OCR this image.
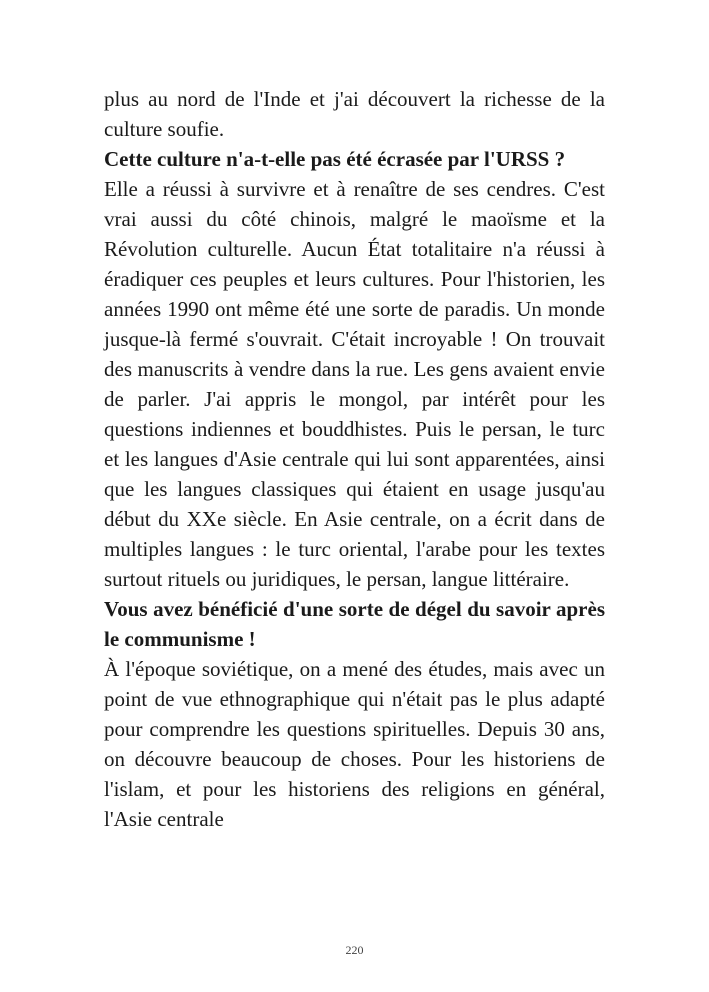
plus au nord de l'Inde et j'ai découvert la richesse de la culture soufie.

Cette culture n'a-t-elle pas été écrasée par l'URSS ?

Elle a réussi à survivre et à renaître de ses cendres. C'est vrai aussi du côté chinois, malgré le maoïsme et la Révolution culturelle. Aucun État totalitaire n'a réussi à éradiquer ces peuples et leurs cultures. Pour l'historien, les années 1990 ont même été une sorte de paradis. Un monde jusque-là fermé s'ouvrait. C'était incroyable ! On trouvait des manuscrits à vendre dans la rue. Les gens avaient envie de parler. J'ai appris le mongol, par intérêt pour les questions indiennes et bouddhistes. Puis le persan, le turc et les langues d'Asie centrale qui lui sont apparentées, ainsi que les langues classiques qui étaient en usage jusqu'au début du XXe siècle. En Asie centrale, on a écrit dans de multiples langues : le turc oriental, l'arabe pour les textes surtout rituels ou juridiques, le persan, langue littéraire.

Vous avez bénéficié d'une sorte de dégel du savoir après le communisme !

À l'époque soviétique, on a mené des études, mais avec un point de vue ethnographique qui n'était pas le plus adapté pour comprendre les questions spirituelles. Depuis 30 ans, on découvre beaucoup de choses. Pour les historiens de l'islam, et pour les historiens des religions en général, l'Asie centrale

220
